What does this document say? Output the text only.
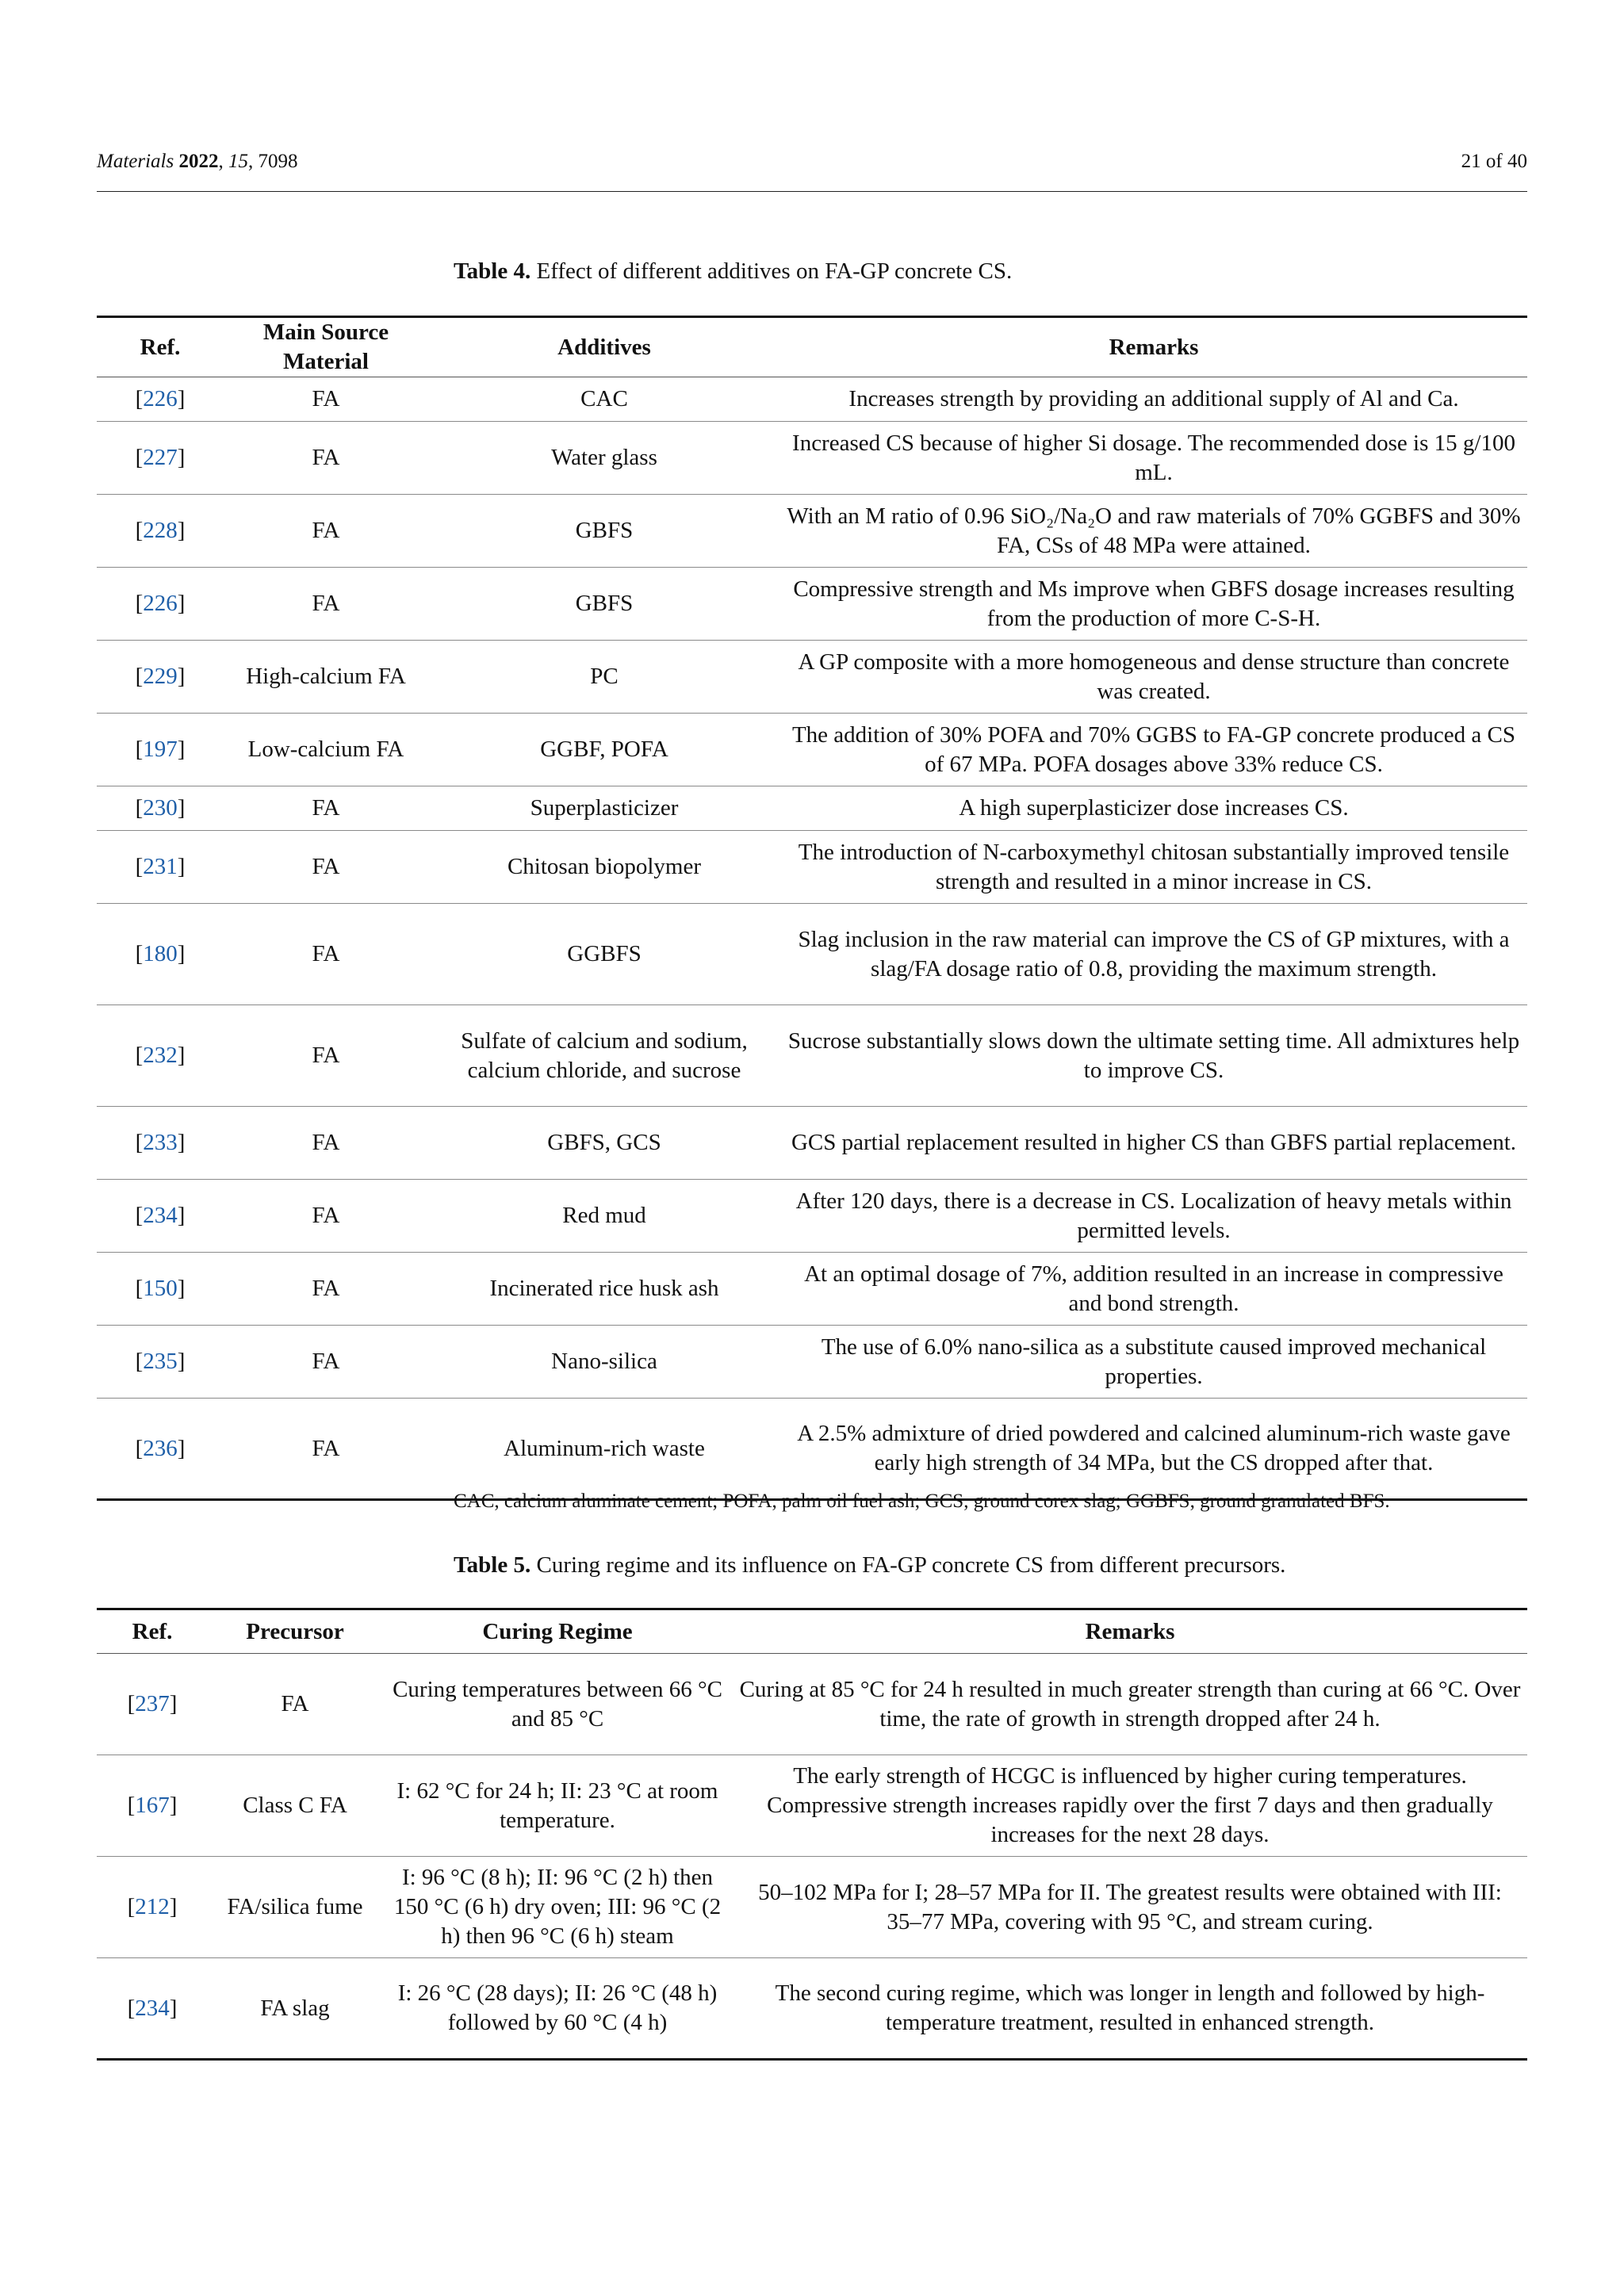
Materials 2022, 15, 7098	21 of 40
Table 4. Effect of different additives on FA-GP concrete CS.
Ref.	Main Source Material	Additives	Remarks
[226]	FA	CAC	Increases strength by providing an additional supply of Al and Ca.
[227]	FA	Water glass	Increased CS because of higher Si dosage. The recommended dose is 15 g/100 mL.
[228]	FA	GBFS	With an M ratio of 0.96 SiO₂/Na₂O and raw materials of 70% GGBFS and 30% FA, CSs of 48 MPa were attained.
[226]	FA	GBFS	Compressive strength and Ms improve when GBFS dosage increases resulting from the production of more C-S-H.
[229]	High-calcium FA	PC	A GP composite with a more homogeneous and dense structure than concrete was created.
[197]	Low-calcium FA	GGBF, POFA	The addition of 30% POFA and 70% GGBS to FA-GP concrete produced a CS of 67 MPa. POFA dosages above 33% reduce CS.
[230]	FA	Superplasticizer	A high superplasticizer dose increases CS.
[231]	FA	Chitosan biopolymer	The introduction of N-carboxymethyl chitosan substantially improved tensile strength and resulted in a minor increase in CS.
[180]	FA	GGBFS	Slag inclusion in the raw material can improve the CS of GP mixtures, with a slag/FA dosage ratio of 0.8, providing the maximum strength.
[232]	FA	Sulfate of calcium and sodium, calcium chloride, and sucrose	Sucrose substantially slows down the ultimate setting time. All admixtures help to improve CS.
[233]	FA	GBFS, GCS	GCS partial replacement resulted in higher CS than GBFS partial replacement.
[234]	FA	Red mud	After 120 days, there is a decrease in CS. Localization of heavy metals within permitted levels.
[150]	FA	Incinerated rice husk ash	At an optimal dosage of 7%, addition resulted in an increase in compressive and bond strength.
[235]	FA	Nano-silica	The use of 6.0% nano-silica as a substitute caused improved mechanical properties.
[236]	FA	Aluminum-rich waste	A 2.5% admixture of dried powdered and calcined aluminum-rich waste gave early high strength of 34 MPa, but the CS dropped after that.
CAC, calcium aluminate cement; POFA, palm oil fuel ash; GCS, ground corex slag; GGBFS, ground granulated BFS.
Table 5. Curing regime and its influence on FA-GP concrete CS from different precursors.
Ref.	Precursor	Curing Regime	Remarks
[237]	FA	Curing temperatures between 66 °C and 85 °C	Curing at 85 °C for 24 h resulted in much greater strength than curing at 66 °C. Over time, the rate of growth in strength dropped after 24 h.
[167]	Class C FA	I: 62 °C for 24 h; II: 23 °C at room temperature.	The early strength of HCGC is influenced by higher curing temperatures. Compressive strength increases rapidly over the first 7 days and then gradually increases for the next 28 days.
[212]	FA/silica fume	I: 96 °C (8 h); II: 96 °C (2 h) then 150 °C (6 h) dry oven; III: 96 °C (2 h) then 96 °C (6 h) steam	50–102 MPa for I; 28–57 MPa for II. The greatest results were obtained with III: 35–77 MPa, covering with 95 °C, and stream curing.
[234]	FA slag	I: 26 °C (28 days); II: 26 °C (48 h) followed by 60 °C (4 h)	The second curing regime, which was longer in length and followed by high-temperature treatment, resulted in enhanced strength.
